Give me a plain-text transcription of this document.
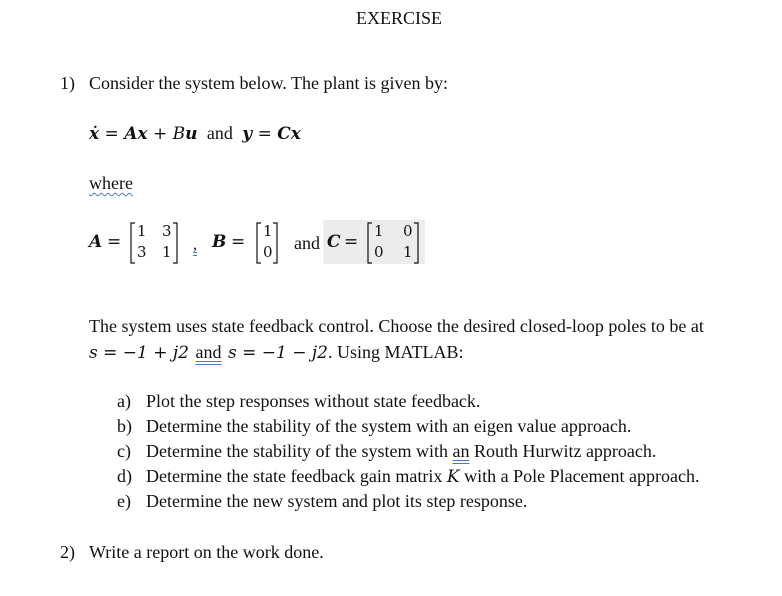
EXERCISE
1) Consider the system below. The plant is given by:
ẋ = Ax + Bu and y = Cx
where
A =
1 3
3 1 , B =
1
0 and C =
1 0
0 1
The system uses state feedback control. Choose the desired closed-loop poles to be at
s = −1 + j2 and s = −1 − j2. Using MATLAB:
a) Plot the step responses without state feedback.
b) Determine the stability of the system with an eigen value approach.
c) Determine the stability of the system with an Routh Hurwitz approach.
d) Determine the state feedback gain matrix K with a Pole Placement approach.
e) Determine the new system and plot its step response.
2) Write a report on the work done.
